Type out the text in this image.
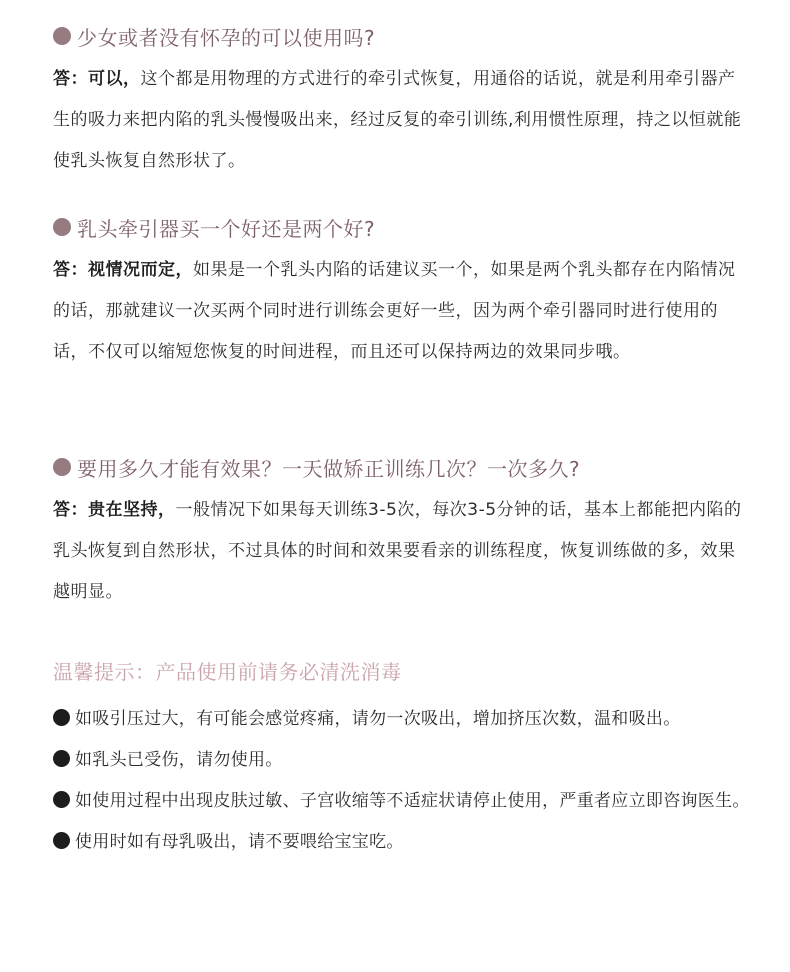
少女或者没有怀孕的可以使用吗?

答：可以，这个都是用物理的方式进行的牵引式恢复，用通俗的话说，就是利用牵引器产生的吸力来把内陷的乳头慢慢吸出来，经过反复的牵引训练,利用惯性原理，持之以恒就能使乳头恢复自然形状了。

乳头牵引器买一个好还是两个好?

答：视情况而定，如果是一个乳头内陷的话建议买一个，如果是两个乳头都存在内陷情况的话，那就建议一次买两个同时进行训练会更好一些，因为两个牵引器同时进行使用的话，不仅可以缩短您恢复的时间进程，而且还可以保持两边的效果同步哦。

要用多久才能有效果？一天做矫正训练几次？一次多久?

答：贵在坚持，一般情况下如果每天训练3-5次，每次3-5分钟的话，基本上都能把内陷的乳头恢复到自然形状，不过具体的时间和效果要看亲的训练程度，恢复训练做的多，效果越明显。

温馨提示：产品使用前请务必清洗消毒
如吸引压过大，有可能会感觉疼痛，请勿一次吸出，增加挤压次数，温和吸出。
如乳头已受伤，请勿使用。
如使用过程中出现皮肤过敏、子宫收缩等不适症状请停止使用，严重者应立即咨询医生。
使用时如有母乳吸出，请不要喂给宝宝吃。
